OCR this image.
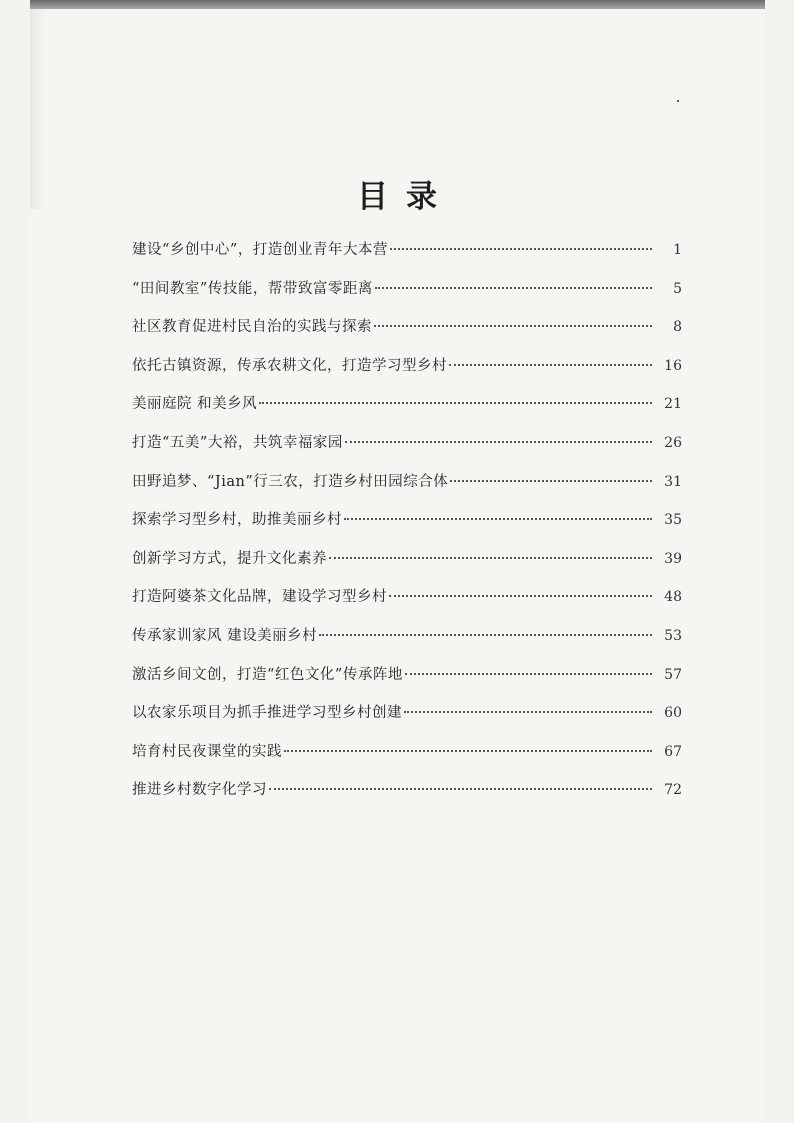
目录
建设“乡创中心”，打造创业青年大本营	1
“田间教室”传技能，帮带致富零距离	5
社区教育促进村民自治的实践与探索	8
依托古镇资源，传承农耕文化，打造学习型乡村	16
美丽庭院 和美乡风	21
打造“五美”大裕，共筑幸福家园	26
田野追梦、“Jian”行三农，打造乡村田园综合体	31
探索学习型乡村，助推美丽乡村	35
创新学习方式，提升文化素养	39
打造阿婆茶文化品牌，建设学习型乡村	48
传承家训家风 建设美丽乡村	53
激活乡间文创，打造“红色文化”传承阵地	57
以农家乐项目为抓手推进学习型乡村创建	60
培育村民夜课堂的实践	67
推进乡村数字化学习	72
